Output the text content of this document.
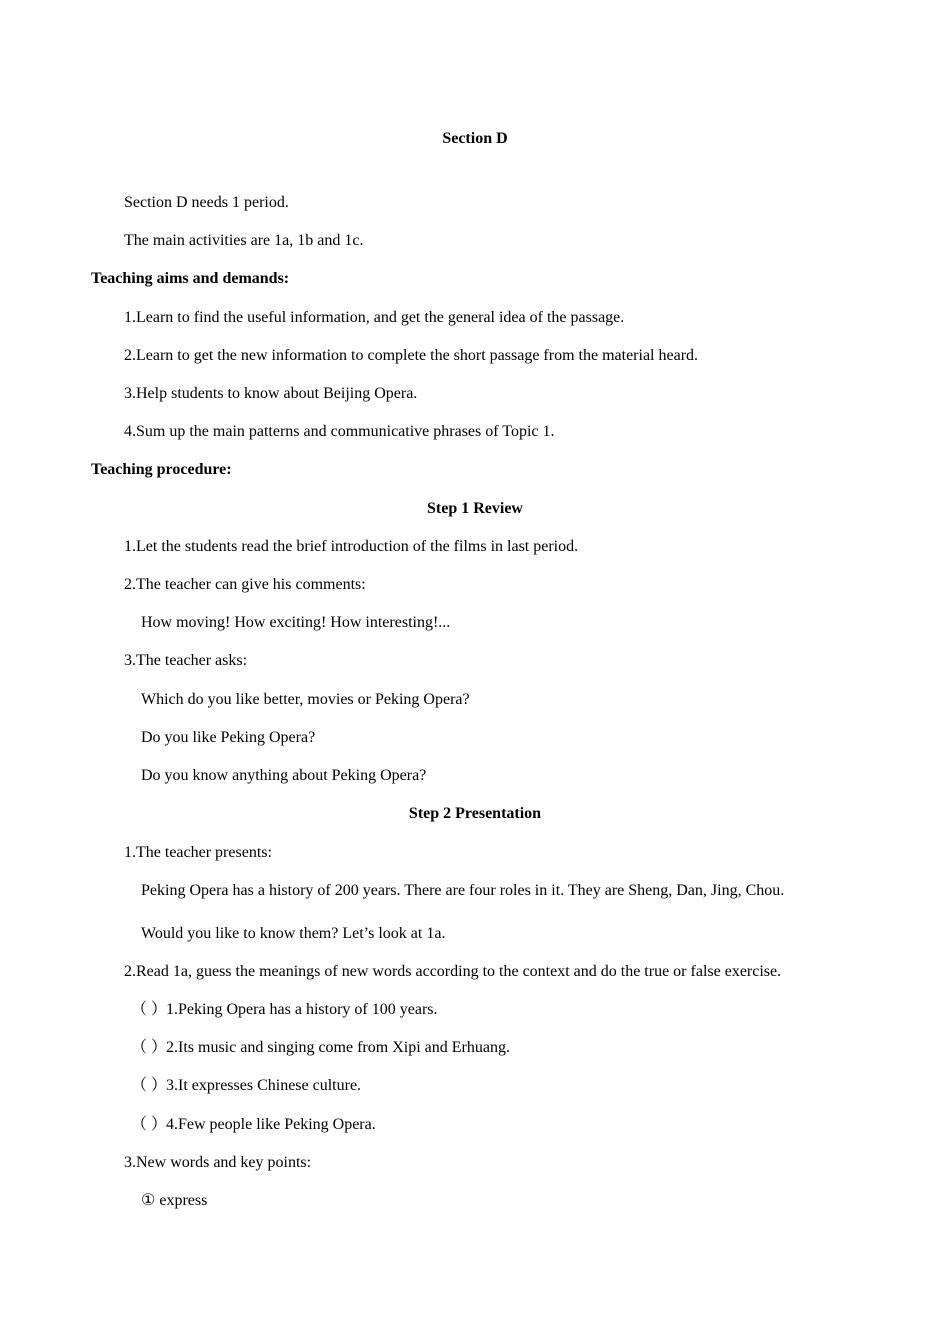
Section D

Section D needs 1 period.

The main activities are 1a, 1b and 1c.

Teaching aims and demands:

1.Learn to find the useful information, and get the general idea of the passage.

2.Learn to get the new information to complete the short passage from the material heard.

3.Help students to know about Beijing Opera.

4.Sum up the main patterns and communicative phrases of Topic 1.

Teaching procedure:

Step 1 Review

1.Let the students read the brief introduction of the films in last period.

2.The teacher can give his comments:

How moving! How exciting! How interesting!...

3.The teacher asks:

Which do you like better, movies or Peking Opera?

Do you like Peking Opera?

Do you know anything about Peking Opera?

Step 2 Presentation

1.The teacher presents:

Peking Opera has a history of 200 years. There are four roles in it. They are Sheng, Dan, Jing, Chou.

Would you like to know them? Let’s look at 1a.

2.Read 1a, guess the meanings of new words according to the context and do the true or false exercise.

（ ）1.Peking Opera has a history of 100 years.

（ ）2.Its music and singing come from Xipi and Erhuang.

（ ）3.It expresses Chinese culture.

（ ）4.Few people like Peking Opera.

3.New words and key points:

① express
